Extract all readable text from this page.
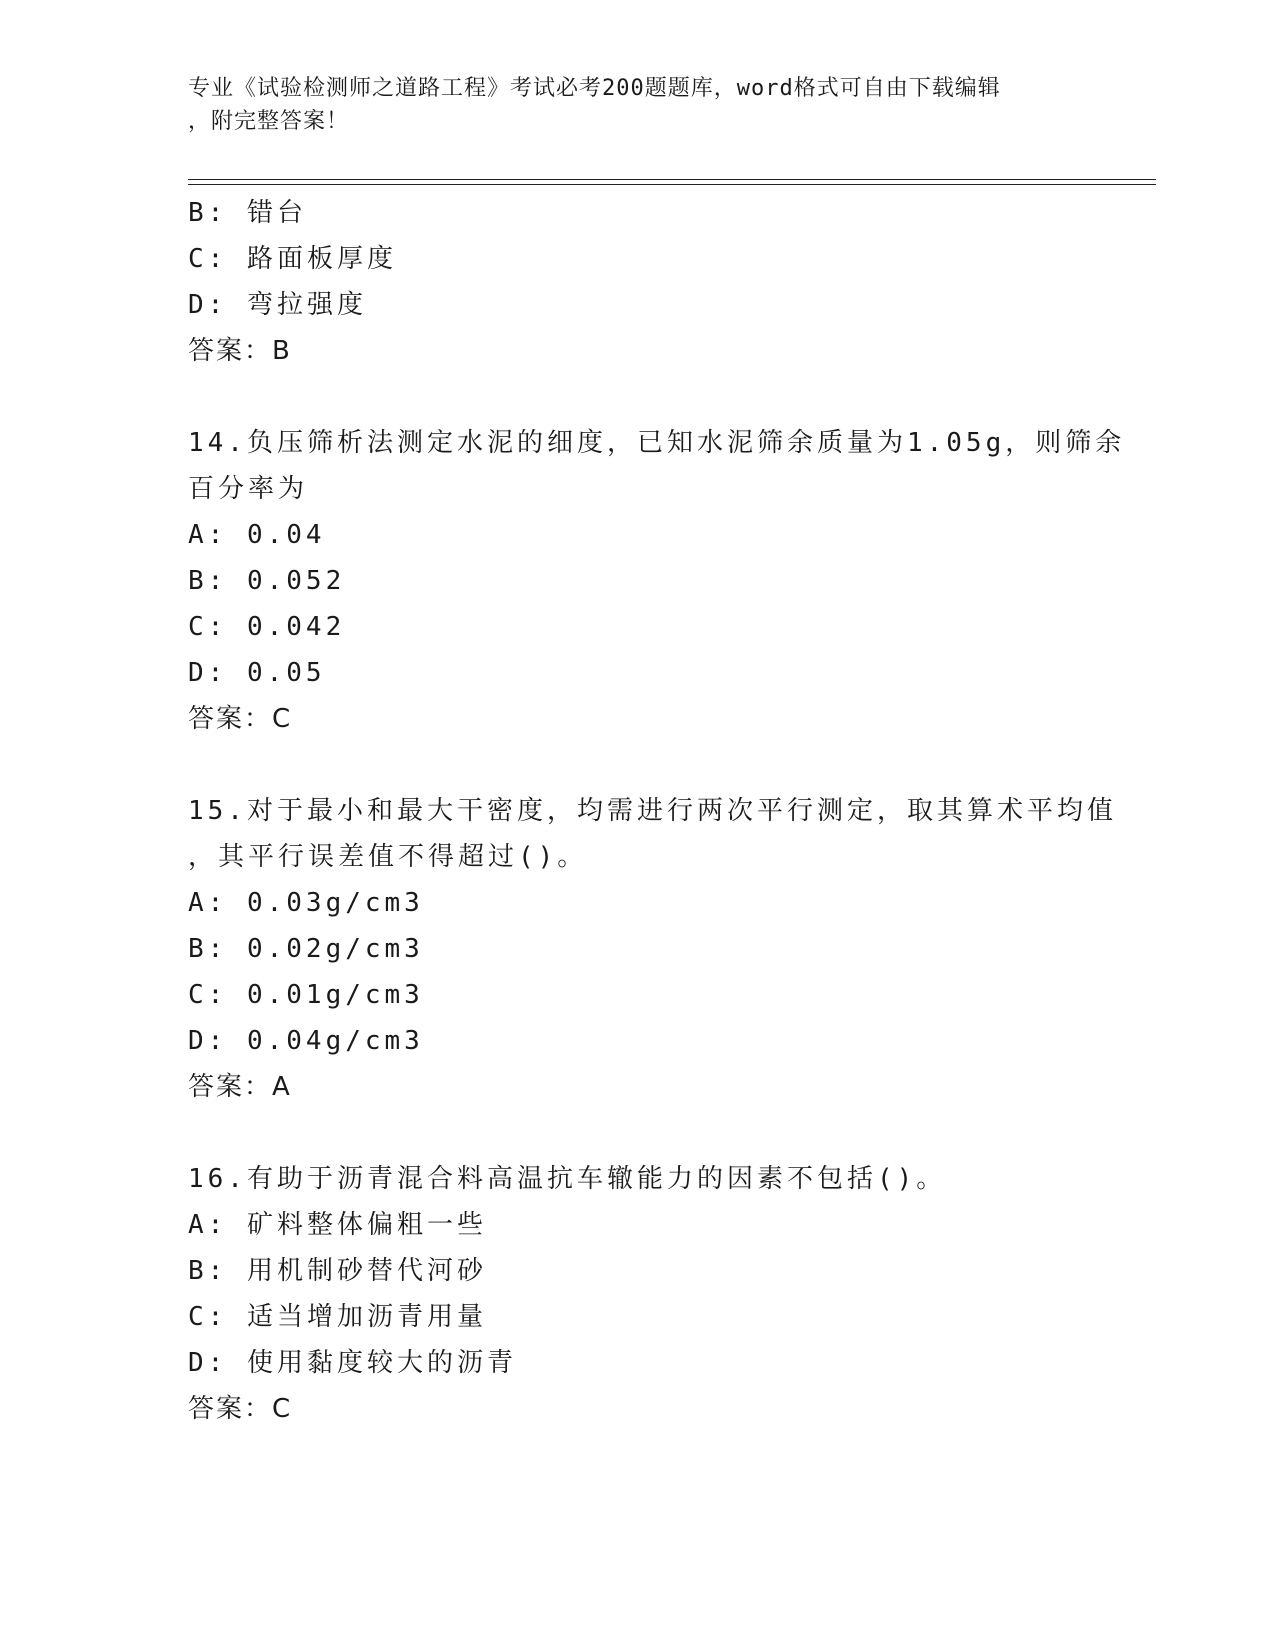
专业《试验检测师之道路工程》考试必考200题题库，word格式可自由下载编辑
，附完整答案！
B: 错台
C: 路面板厚度
D: 弯拉强度
答案：B
14.负压筛析法测定水泥的细度，已知水泥筛余质量为1.05g，则筛余
百分率为
A: 0.04
B: 0.052
C: 0.042
D: 0.05
答案：C
15.对于最小和最大干密度，均需进行两次平行测定，取其算术平均值
，其平行误差值不得超过()。
A: 0.03g/cm3
B: 0.02g/cm3
C: 0.01g/cm3
D: 0.04g/cm3
答案：A
16.有助于沥青混合料高温抗车辙能力的因素不包括()。
A: 矿料整体偏粗一些
B: 用机制砂替代河砂
C: 适当增加沥青用量
D: 使用黏度较大的沥青
答案：C
